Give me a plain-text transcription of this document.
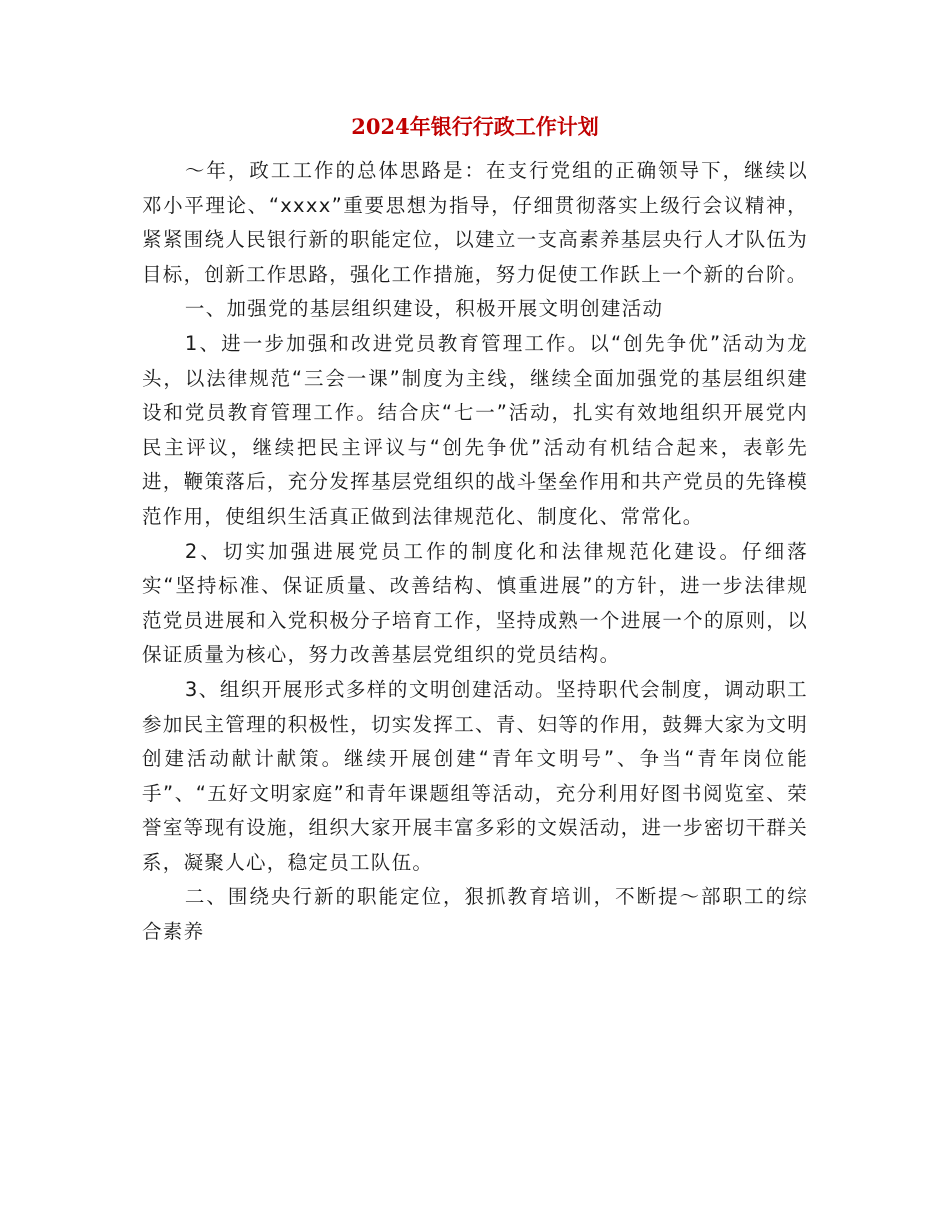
2024年银行行政工作计划

～年，政工工作的总体思路是：在支行党组的正确领导下，继续以邓小平理论、“xxxx”重要思想为指导，仔细贯彻落实上级行会议精神，紧紧围绕人民银行新的职能定位，以建立一支高素养基层央行人才队伍为目标，创新工作思路，强化工作措施，努力促使工作跃上一个新的台阶。

一、加强党的基层组织建设，积极开展文明创建活动

1、进一步加强和改进党员教育管理工作。以“创先争优”活动为龙头，以法律规范“三会一课”制度为主线，继续全面加强党的基层组织建设和党员教育管理工作。结合庆“七一”活动，扎实有效地组织开展党内民主评议，继续把民主评议与“创先争优”活动有机结合起来，表彰先进，鞭策落后，充分发挥基层党组织的战斗堡垒作用和共产党员的先锋模范作用，使组织生活真正做到法律规范化、制度化、常常化。

2、切实加强进展党员工作的制度化和法律规范化建设。仔细落实“坚持标准、保证质量、改善结构、慎重进展”的方针，进一步法律规范党员进展和入党积极分子培育工作，坚持成熟一个进展一个的原则，以保证质量为核心，努力改善基层党组织的党员结构。

3、组织开展形式多样的文明创建活动。坚持职代会制度，调动职工参加民主管理的积极性，切实发挥工、青、妇等的作用，鼓舞大家为文明创建活动献计献策。继续开展创建“青年文明号”、争当“青年岗位能手”、“五好文明家庭”和青年课题组等活动，充分利用好图书阅览室、荣誉室等现有设施，组织大家开展丰富多彩的文娱活动，进一步密切干群关系，凝聚人心，稳定员工队伍。

二、围绕央行新的职能定位，狠抓教育培训，不断提～部职工的综合素养
